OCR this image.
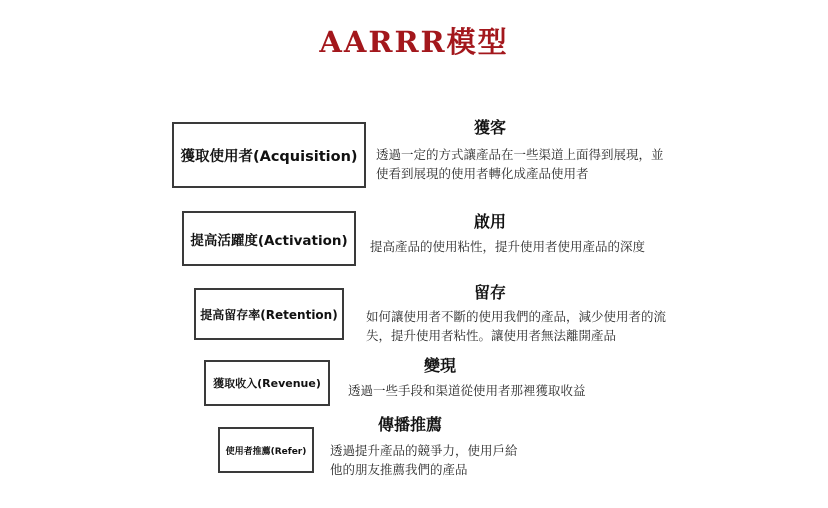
AARRR模型
獲取使用者(Acquisition)
獲客
透過一定的方式讓產品在一些渠道上面得到展現，並使看到展現的使用者轉化成產品使用者
提高活躍度(Activation)
啟用
提高產品的使用粘性，提升使用者使用產品的深度
提高留存率(Retention)
留存
如何讓使用者不斷的使用我們的產品，減少使用者的流失，提升使用者粘性。讓使用者無法離開產品
獲取收入(Revenue)
變現
透過一些手段和渠道從使用者那裡獲取收益
使用者推薦(Refer)
傳播推薦
透過提升產品的競爭力，使用戶給他的朋友推薦我們的產品
